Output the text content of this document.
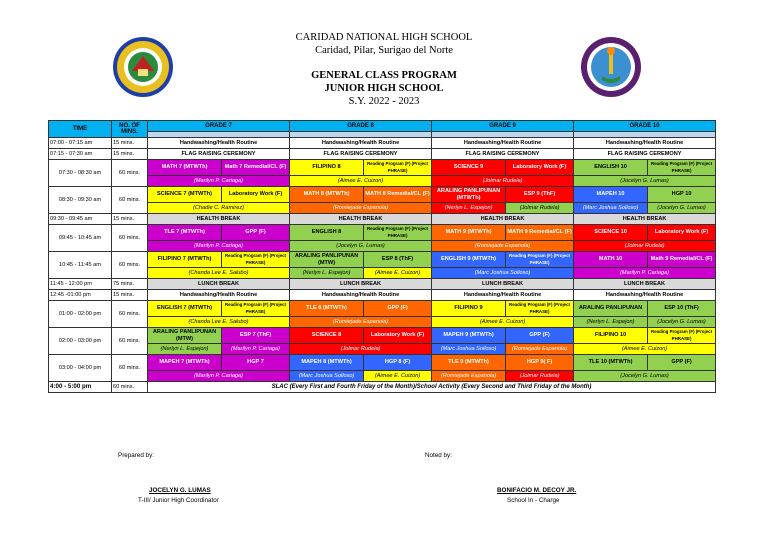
CARIDAD NATIONAL HIGH SCHOOL
Caridad, Pilar, Surigao del Norte
GENERAL CLASS PROGRAM
JUNIOR HIGH SCHOOL
S.Y. 2022 - 2023
TIME	NO. OF MINS.	GRADE 7		GRADE 8		GRADE 9		GRADE 10	

07:00 - 07:15 am	15 mins.	Handwashing/Health Routine		Handwashing/Health Routine		Handwashing/Health Routine		Handwashing/Health Routine	
07:15 - 07:30 am	15 mins.	FLAG RAISING CEREMONY		FLAG RAISING CEREMONY		FLAG RAISING CEREMONY		FLAG RAISING CEREMONY	
07:30 - 08:30 am	60 mins.	MATH 7 (MTWTh)	Math 7 Remedial/CL (F)	FILIPINO 8	Reading Program (F) (Project PHRASE)	SCIENCE 9	Laboratory Work (F)	ENGLISH 10	Reading Program (F) (Project PHRASE)
		(Marilyn P. Cariaga)		(Aimee E. Cuizon)		(Jolmar Rudela)		(Jocelyn G. Lumas)	
08:30 - 09:30 am	60 mins.	SCIENCE 7 (MTWTh)	Laboratory Work (F)	MATH 8 (MTWTh)	MATH 8 Remedial/CL (F)	ARALING PANLIPUNAN (MTWTh)	ESP 9 (ThF)	MAPEH 10	HGP 10
		(Chadie C. Ramirez)		(Romiejade Espanola)		(Nerlyn L. Espejon)	(Jolmar Rudela)	(Marc Joshua Solloso)	(Jocelyn G. Lumas)
09:30 - 09:45 am	15 mins.	HEALTH BREAK		HEALTH BREAK		HEALTH BREAK		HEALTH BREAK	
09:45 - 10:45 am	60 mins.	TLE 7 (MTWTh)	GPP (F)	ENGLISH 8	Reading Program (F) (Project PHRASE)	MATH 9 (MTWTh)	MATH 9 Remedial/CL (F)	SCIENCE 10	Laboratory Work (F)
		(Marilyn P. Cariaga)		(Jocelyn G. Lumas)		(Romiejade Espanola)		(Jolmar Rudela)	
10:45 - 11:45 am	60 mins.	FILIPINO 7 (MTWTh)	Reading Program (F) (Project PHRASE)	ARALING PANLIPUNAN (MTW)	ESP 8 (ThF)	ENGLISH 9 (MTWTh)	Reading Program (F) (Project PHRASE)	MATH 10	Math 9 Remedial/CL (F)
		(Chanda Lee E. Salubo)		(Nerlyn L. Espejon)	(Aimee E. Cuizon)	(Marc Joshua Solloso)		(Marilyn P. Cariaga)	
11:45 - 12:00 pm	75 mins.	LUNCH BREAK		LUNCH BREAK		LUNCH BREAK		LUNCH BREAK	
12:45 -01:00 pm	15 mins.	Handwashing/Health Routine		Handwashing/Health Routine		Handwashing/Health Routine		Handwashing/Health Routine	
01:00 - 02:00 pm	60 mins.	ENGLISH 7 (MTWTh)	Reading Program (F) (Project PHRASE)	TLE 8 (MTWTh)	GPP (F)	FILIPINO 9	Reading Program (F) (Project PHRASE)	ARALING PANLIPUNAN	ESP 10 (ThF)
		(Chanda Lee E. Salubo)		(Romiejade Espanola)		(Aimee E. Cuizon)		(Nerlyn L. Espejon)	(Jocelyn G. Lumas)
02:00 - 03:00 pm	60 mins.	ARALING PANLIPUNAN (MTW)	ESP 7 (ThF)	SCIENCE 8	Laboratory Work (F)	MAPEH 9 (MTWTh)	GPP (F)	FILIPINO 10	Reading Program (F) (Project PHRASE)
		(Nerlyn L. Espejon)	(Marilyn P. Cariaga)	(Jolmar Rudela)		(Marc Joshua Solloso)	(Romiejade Espanola)	(Aimee E. Cuizon)	
03:00 - 04:00 pm	60 mins.	MAPEH 7 (MTWTh)	HGP 7	MAPEH 8 (MTWTh)	HGP 8 (F)	TLE 9 (MTWTh)	HGP 9( F)	TLE 10 (MTWTh)	GPP (F)
		(Marilyn P. Cariaga)		(Marc Joshua Solloso)	(Aimee E. Cuizon)	(Romiejade Espanola)	(Jolmar Rudela)	(Jocelyn G. Lumas)	
4:00 - 5:00 pm	60 mins.	SLAC (Every First and Fourth Friday of the Month)/School Activity (Every Second and Third Friday of the Month)							
Prepared by:
JOCELYN G. LUMAS
T-III/ Junior High Coordinator
Noted by:
BONIFACIO M. DECOY JR.
School In - Charge
